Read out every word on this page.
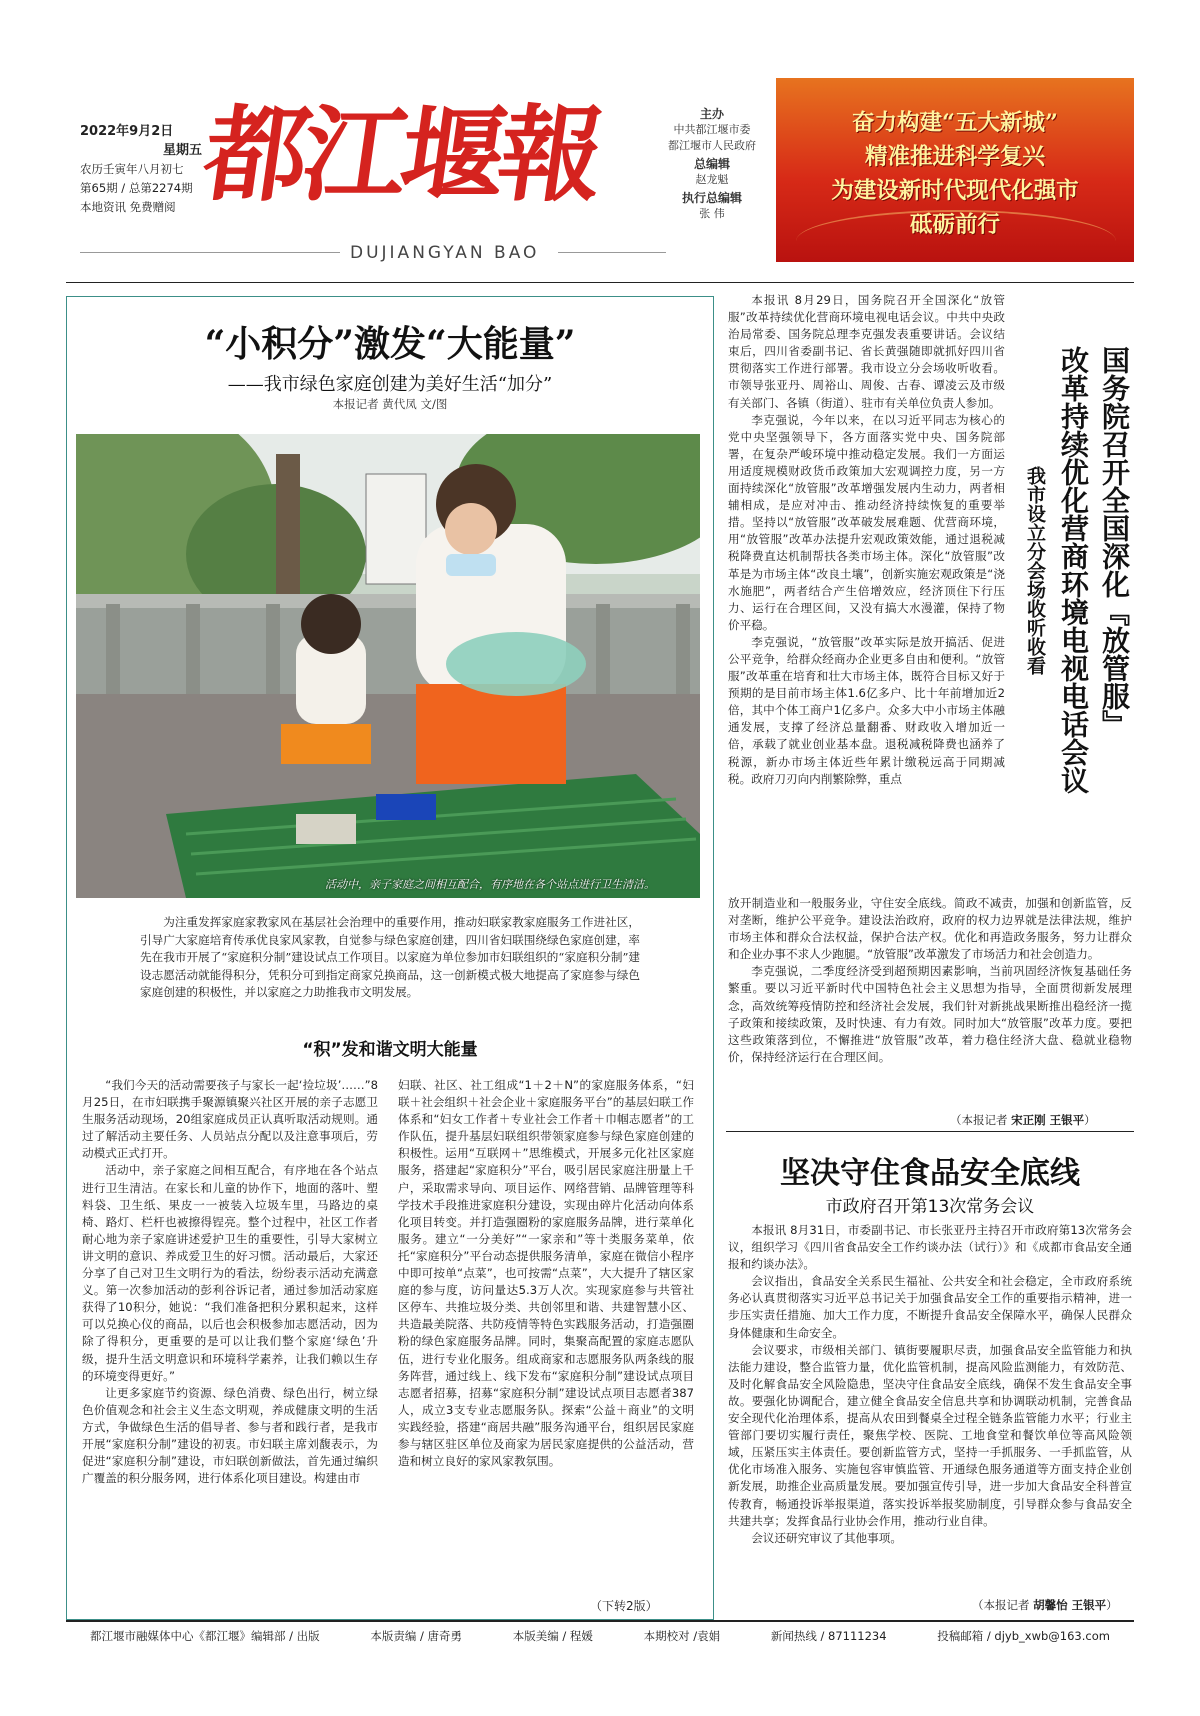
2022年9月2日
星期五
农历壬寅年八月初七
第65期 / 总第2274期
本地资讯 免费赠阅 都江堰報
DUJIANGYAN BAO
主办
中共都江堰市委
都江堰市人民政府
总编辑
赵龙魁
执行总编辑
张 伟
奋力构建“五大新城”
精准推进科学复兴
为建设新时代现代化强市
砥砺前行
“小积分”激发“大能量”
——我市绿色家庭创建为美好生活“加分”
本报记者 黄代凤 文/图
活动中，亲子家庭之间相互配合，有序地在各个站点进行卫生清洁。

为注重发挥家庭家教家风在基层社会治理中的重要作用，推动妇联家教家庭服务工作进社区，引导广大家庭培育传承优良家风家教，自觉参与绿色家庭创建，四川省妇联围绕绿色家庭创建，率先在我市开展了“家庭积分制”建设试点工作项目。以家庭为单位参加市妇联组织的“家庭积分制”建设志愿活动就能得积分，凭积分可到指定商家兑换商品，这一创新模式极大地提高了家庭参与绿色家庭创建的积极性，并以家庭之力助推我市文明发展。

“积”发和谐文明大能量

“我们今天的活动需要孩子与家长一起‘捡垃圾’……”8月25日，在市妇联携手聚源镇聚兴社区开展的亲子志愿卫生服务活动现场，20组家庭成员正认真听取活动规则。通过了解活动主要任务、人员站点分配以及注意事项后，劳动模式正式打开。

活动中，亲子家庭之间相互配合，有序地在各个站点进行卫生清洁。在家长和儿童的协作下，地面的落叶、塑料袋、卫生纸、果皮一一被装入垃圾车里，马路边的桌椅、路灯、栏杆也被擦得锃亮。整个过程中，社区工作者耐心地为亲子家庭讲述爱护卫生的重要性，引导大家树立讲文明的意识、养成爱卫生的好习惯。活动最后，大家还分享了自己对卫生文明行为的看法，纷纷表示活动充满意义。第一次参加活动的彭利谷诉记者，通过参加活动家庭获得了10积分，她说：“我们准备把积分累积起来，这样可以兑换心仪的商品，以后也会积极参加志愿活动，因为除了得积分，更重要的是可以让我们整个家庭‘绿色’升级，提升生活文明意识和环境科学素养，让我们赖以生存的环境变得更好。”

让更多家庭节约资源、绿色消费、绿色出行，树立绿色价值观念和社会主义生态文明观，养成健康文明的生活方式，争做绿色生活的倡导者、参与者和践行者，是我市开展“家庭积分制”建设的初衷。市妇联主席刘馥表示，为促进“家庭积分制”建设，市妇联创新做法，首先通过编织广覆盖的积分服务网，进行体系化项目建设。构建由市

妇联、社区、社工组成“1＋2＋N”的家庭服务体系，“妇联＋社会组织＋社会企业＋家庭服务平台”的基层妇联工作体系和“妇女工作者＋专业社会工作者＋巾帼志愿者”的工作队伍，提升基层妇联组织带领家庭参与绿色家庭创建的积极性。运用“互联网＋”思维模式，开展多元化社区家庭服务，搭建起“家庭积分”平台，吸引居民家庭注册量上千户，采取需求导向、项目运作、网络营销、品牌管理等科学技术手段推进家庭积分建设，实现由碎片化活动向体系化项目转变。并打造强圈粉的家庭服务品牌，进行菜单化服务。建立“一分美好”“一家亲和”等十类服务菜单，依托“家庭积分”平台动态提供服务清单，家庭在微信小程序中即可按单“点菜”，也可按需“点菜”，大大提升了辖区家庭的参与度，访问量达5.3万人次。实现家庭参与共管社区停车、共推垃圾分类、共创邻里和谐、共建智慧小区、共造最美院落、共防疫情等特色实践服务活动，打造强圈粉的绿色家庭服务品牌。同时，集聚高配置的家庭志愿队伍，进行专业化服务。组成商家和志愿服务队两条线的服务阵营，通过线上、线下发布“家庭积分制”建设试点项目志愿者招募，招募“家庭积分制”建设试点项目志愿者387人，成立3支专业志愿服务队。探索“公益＋商业”的文明实践经验，搭建“商居共融”服务沟通平台，组织居民家庭参与辖区驻区单位及商家为居民家庭提供的公益活动，营造和树立良好的家风家教氛围。

（下转2版）

本报讯 8月29日，国务院召开全国深化“放管服”改革持续优化营商环境电视电话会议。中共中央政治局常委、国务院总理李克强发表重要讲话。会议结束后，四川省委副书记、省长黄强随即就抓好四川省贯彻落实工作进行部署。我市设立分会场收听收看。市领导张亚丹、周裕山、周俊、古春、谭凌云及市级有关部门、各镇（街道）、驻市有关单位负责人参加。

李克强说，今年以来，在以习近平同志为核心的党中央坚强领导下，各方面落实党中央、国务院部署，在复杂严峻环境中推动稳定发展。我们一方面运用适度规模财政货币政策加大宏观调控力度，另一方面持续深化“放管服”改革增强发展内生动力，两者相辅相成，是应对冲击、推动经济持续恢复的重要举措。坚持以“放管服”改革破发展难题、优营商环境，用“放管服”改革办法提升宏观政策效能，通过退税减税降费直达机制帮扶各类市场主体。深化“放管服”改革是为市场主体“改良土壤”，创新实施宏观政策是“浇水施肥”，两者结合产生倍增效应，经济顶住下行压力、运行在合理区间，又没有搞大水漫灌，保持了物价平稳。

李克强说，“放管服”改革实际是放开搞活、促进公平竞争，给群众经商办企业更多自由和便利。“放管服”改革重在培育和壮大市场主体，既符合目标又好于预期的是目前市场主体1.6亿多户、比十年前增加近2倍，其中个体工商户1亿多户。众多大中小市场主体融通发展，支撑了经济总量翻番、财政收入增加近一倍，承载了就业创业基本盘。退税减税降费也涵养了税源，新办市场主体近些年累计缴税远高于同期减税。政府刀刃向内削繁除弊，重点

国务院召开全国深化『放管服』
改革持续优化营商环境电视电话会议
我市设立分会场收听收看

放开制造业和一般服务业，守住安全底线。简政不减责，加强和创新监管，反对垄断，维护公平竞争。建设法治政府，政府的权力边界就是法律法规，维护市场主体和群众合法权益，保护合法产权。优化和再造政务服务，努力让群众和企业办事不求人少跑腿。“放管服”改革激发了市场活力和社会创造力。

李克强说，二季度经济受到超预期因素影响，当前巩固经济恢复基础任务繁重。要以习近平新时代中国特色社会主义思想为指导，全面贯彻新发展理念，高效统筹疫情防控和经济社会发展，我们针对新挑战果断推出稳经济一揽子政策和接续政策，及时快速、有力有效。同时加大“放管服”改革力度。要把这些政策落到位，不懈推进“放管服”改革，着力稳住经济大盘、稳就业稳物价，保持经济运行在合理区间。

（本报记者 宋正刚 王银平）
坚决守住食品安全底线
市政府召开第13次常务会议

本报讯 8月31日，市委副书记、市长张亚丹主持召开市政府第13次常务会议，组织学习《四川省食品安全工作约谈办法（试行）》和《成都市食品安全通报和约谈办法》。

会议指出，食品安全关系民生福祉、公共安全和社会稳定，全市政府系统务必认真贯彻落实习近平总书记关于加强食品安全工作的重要指示精神，进一步压实责任措施、加大工作力度，不断提升食品安全保障水平，确保人民群众身体健康和生命安全。

会议要求，市级相关部门、镇街要履职尽责，加强食品安全监管能力和执法能力建设，整合监管力量，优化监管机制，提高风险监测能力，有效防范、及时化解食品安全风险隐患，坚决守住食品安全底线，确保不发生食品安全事故。要强化协调配合，建立健全食品安全信息共享和协调联动机制，完善食品安全现代化治理体系，提高从农田到餐桌全过程全链条监管能力水平；行业主管部门要切实履行责任，聚焦学校、医院、工地食堂和餐饮单位等高风险领域，压紧压实主体责任。要创新监管方式，坚持一手抓服务、一手抓监管，从优化市场准入服务、实施包容审慎监管、开通绿色服务通道等方面支持企业创新发展，助推企业高质量发展。要加强宣传引导，进一步加大食品安全科普宣传教育，畅通投诉举报渠道，落实投诉举报奖励制度，引导群众参与食品安全共建共享；发挥食品行业协会作用，推动行业自律。

会议还研究审议了其他事项。

（本报记者 胡馨怡 王银平）
都江堰市融媒体中心《都江堰》编辑部 / 出版	本版责编 / 唐奇勇	本版美编 / 程媛	本期校对 /袁娟	新闻热线 / 87111234	投稿邮箱 / djyb_xwb@163.com
